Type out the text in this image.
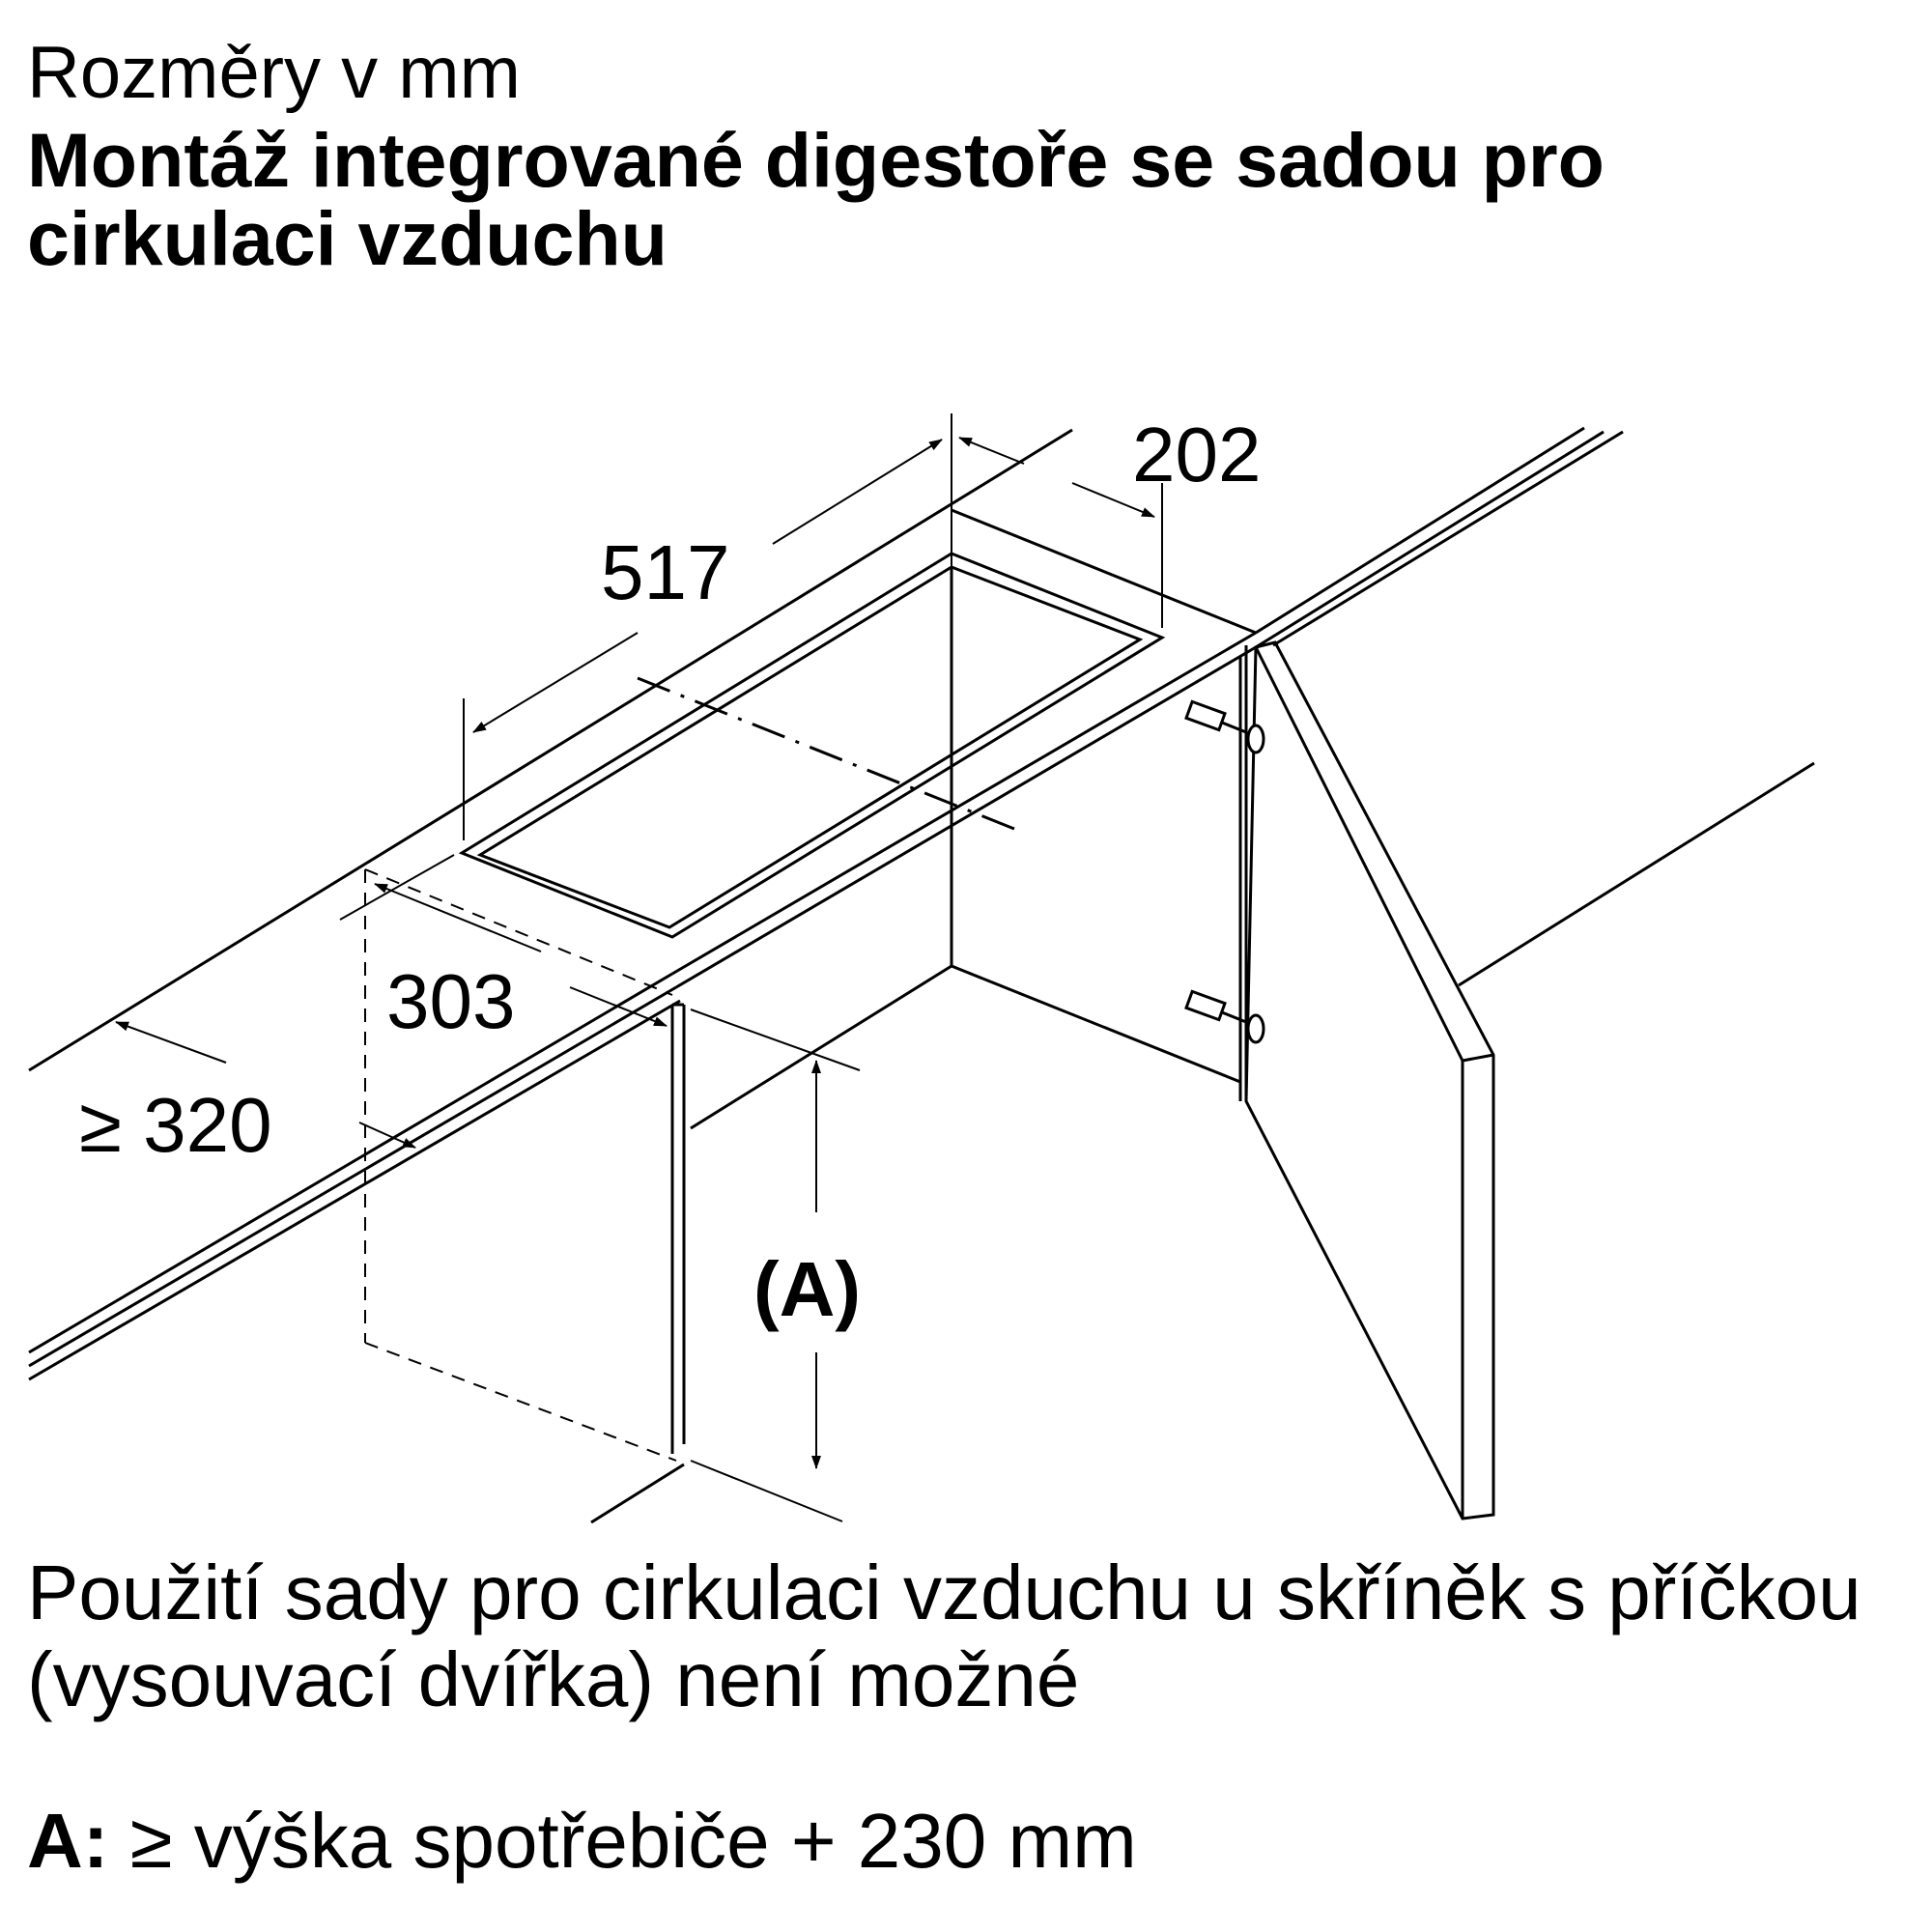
Rozměry v mm
Montáž integrované digestoře se sadou pro cirkulaci vzduchu
517
202
303
≥ 320
(A)
Použití sady pro cirkulaci vzduchu u skříněk s příčkou (vysouvací dvířka) není možné
A: ≥ výška spotřebiče + 230 mm
